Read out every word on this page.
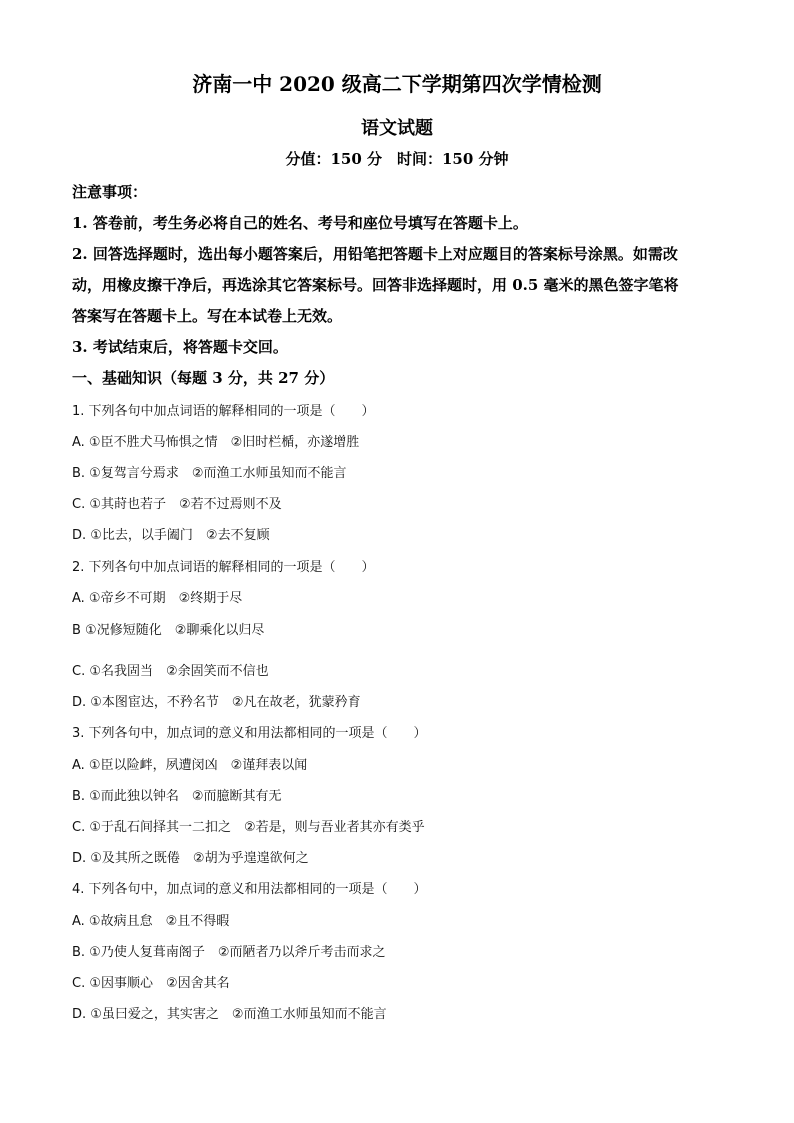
济南一中 2020 级高二下学期第四次学情检测
语文试题
分值：150 分　时间：150 分钟

注意事项：

1. 答卷前，考生务必将自己的姓名、考号和座位号填写在答题卡上。

2. 回答选择题时，选出每小题答案后，用铅笔把答题卡上对应题目的答案标号涂黑。如需改

动，用橡皮擦干净后，再选涂其它答案标号。回答非选择题时，用 0.5 毫米的黑色签字笔将

答案写在答题卡上。写在本试卷上无效。

3. 考试结束后，将答题卡交回。

一、基础知识（每题 3 分，共 27 分）
1. 下列各句中加点词语的解释相同的一项是（　　）
A. ①臣不胜犬马怖惧之情　②旧时栏楯，亦遂增胜
B. ①复驾言兮焉求　②而渔工水师虽知而不能言
C. ①其莳也若子　②若不过焉则不及
D. ①比去，以手阖门　②去不复顾
2. 下列各句中加点词语的解释相同的一项是（　　）
A. ①帝乡不可期　②终期于尽
B ①况修短随化　②聊乘化以归尽
C. ①名我固当　②余固笑而不信也
D. ①本图宦达，不矜名节　②凡在故老，犹蒙矜育
3. 下列各句中，加点词的意义和用法都相同的一项是（　　）
A. ①臣以险衅，夙遭闵凶　②谨拜表以闻
B. ①而此独以钟名　②而臆断其有无
C. ①于乱石间择其一二扣之　②若是，则与吾业者其亦有类乎
D. ①及其所之既倦　②胡为乎遑遑欲何之
4. 下列各句中，加点词的意义和用法都相同的一项是（　　）
A. ①故病且怠　②且不得暇
B. ①乃使人复葺南阁子　②而陋者乃以斧斤考击而求之
C. ①因事顺心　②因舍其名
D. ①虽曰爱之，其实害之　②而渔工水师虽知而不能言
